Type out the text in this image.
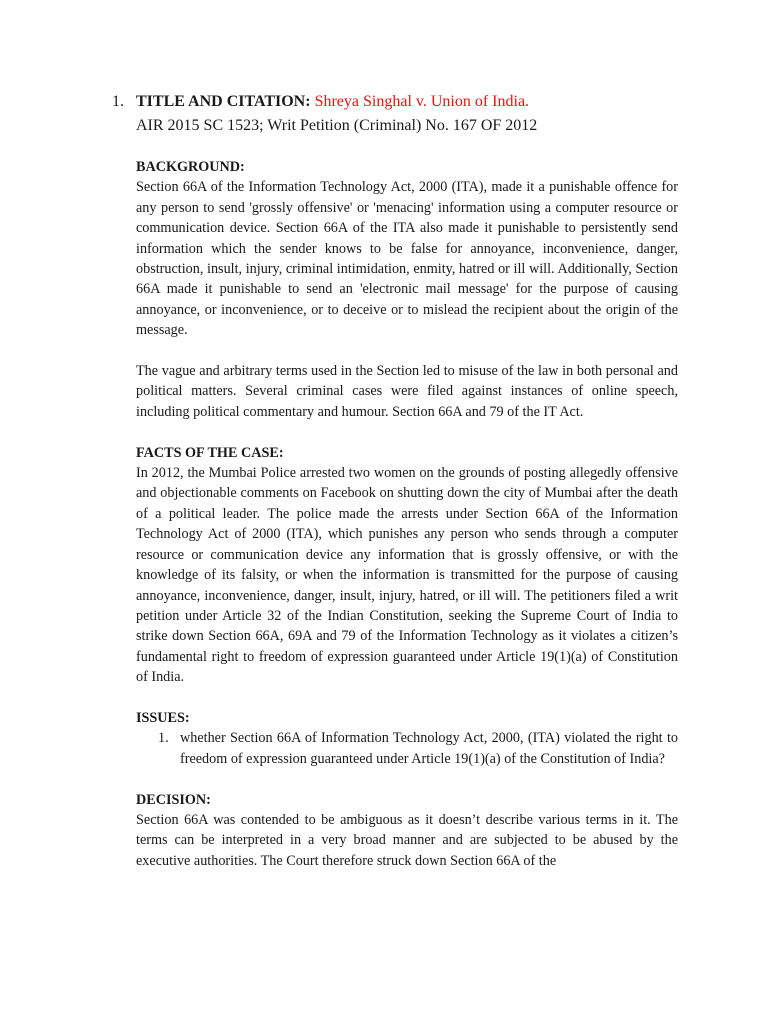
1. TITLE AND CITATION: Shreya Singhal v. Union of India.
AIR 2015 SC 1523; Writ Petition (Criminal) No. 167 OF 2012

BACKGROUND:

Section 66A of the Information Technology Act, 2000 (ITA), made it a punishable offence for any person to send 'grossly offensive' or 'menacing' information using a computer resource or communication device. Section 66A of the ITA also made it punishable to persistently send information which the sender knows to be false for annoyance, inconvenience, danger, obstruction, insult, injury, criminal intimidation, enmity, hatred or ill will. Additionally, Section 66A made it punishable to send an 'electronic mail message' for the purpose of causing annoyance, or inconvenience, or to deceive or to mislead the recipient about the origin of the message.

The vague and arbitrary terms used in the Section led to misuse of the law in both personal and political matters. Several criminal cases were filed against instances of online speech, including political commentary and humour. Section 66A and 79 of the IT Act.

FACTS OF THE CASE:

In 2012, the Mumbai Police arrested two women on the grounds of posting allegedly offensive and objectionable comments on Facebook on shutting down the city of Mumbai after the death of a political leader. The police made the arrests under Section 66A of the Information Technology Act of 2000 (ITA), which punishes any person who sends through a computer resource or communication device any information that is grossly offensive, or with the knowledge of its falsity, or when the information is transmitted for the purpose of causing annoyance, inconvenience, danger, insult, injury, hatred, or ill will. The petitioners filed a writ petition under Article 32 of the Indian Constitution, seeking the Supreme Court of India to strike down Section 66A, 69A and 79 of the Information Technology as it violates a citizen’s fundamental right to freedom of expression guaranteed under Article 19(1)(a) of Constitution of India.

ISSUES:

1. whether Section 66A of Information Technology Act, 2000, (ITA) violated the right to freedom of expression guaranteed under Article 19(1)(a) of the Constitution of India?

DECISION:

Section 66A was contended to be ambiguous as it doesn’t describe various terms in it. The terms can be interpreted in a very broad manner and are subjected to be abused by the executive authorities. The Court therefore struck down Section 66A of the
